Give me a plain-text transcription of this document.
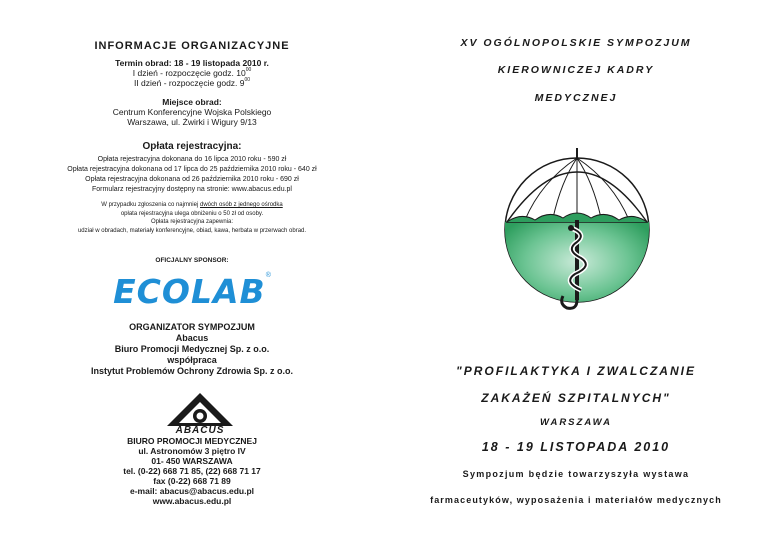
INFORMACJE ORGANIZACYJNE
Termin obrad: 18 - 19 listopada 2010 r.
I dzień - rozpoczęcie godz. $10^{00}$
II dzień - rozpoczęcie godz. $9^{00}$
Miejsce obrad:
Centrum Konferencyjne Wojska Polskiego
Warszawa, ul. Żwirki i Wigury 9/13
Opłata rejestracyjna:
Opłata rejestracyjna dokonana do 16 lipca 2010 roku - 590 zł
Opłata rejestracyjna dokonana od 17 lipca do 25 października 2010 roku - 640 zł
Opłata rejestracyjna dokonana od 26 października 2010 roku - 690 zł
Formularz rejestracyjny dostępny na stronie: www.abacus.edu.pl
W przypadku zgłoszenia co najmniej dwóch osób z jednego ośrodka
opłata rejestracyjna ulega obniżeniu o 50 zł od osoby.
Opłata rejestracyjna zapewnia:
udział w obradach, materiały konferencyjne, obiad, kawa, herbata w przerwach obrad.
OFICJALNY SPONSOR:
ECOLAB®
ORGANIZATOR SYMPOZJUM
Abacus
Biuro Promocji Medycznej Sp. z o.o.
współpraca
Instytut Problemów Ochrony Zdrowia Sp. z o.o.
ABACUS
BIURO PROMOCJI MEDYCZNEJ
ul. Astronomów 3 piętro IV
01- 450 WARSZAWA
tel. (0-22) 668 71 85, (22) 668 71 17
fax (0-22) 668 71 89
e-mail: abacus@abacus.edu.pl
www.abacus.edu.pl
XV OGÓLNOPOLSKIE SYMPOZJUM
KIEROWNICZEJ KADRY
MEDYCZNEJ
"PROFILAKTYKA I ZWALCZANIE
ZAKAŻEŃ SZPITALNYCH"
WARSZAWA
18 - 19 LISTOPADA 2010
Sympozjum będzie towarzyszyła wystawa
farmaceutyków, wyposażenia i materiałów medycznych
